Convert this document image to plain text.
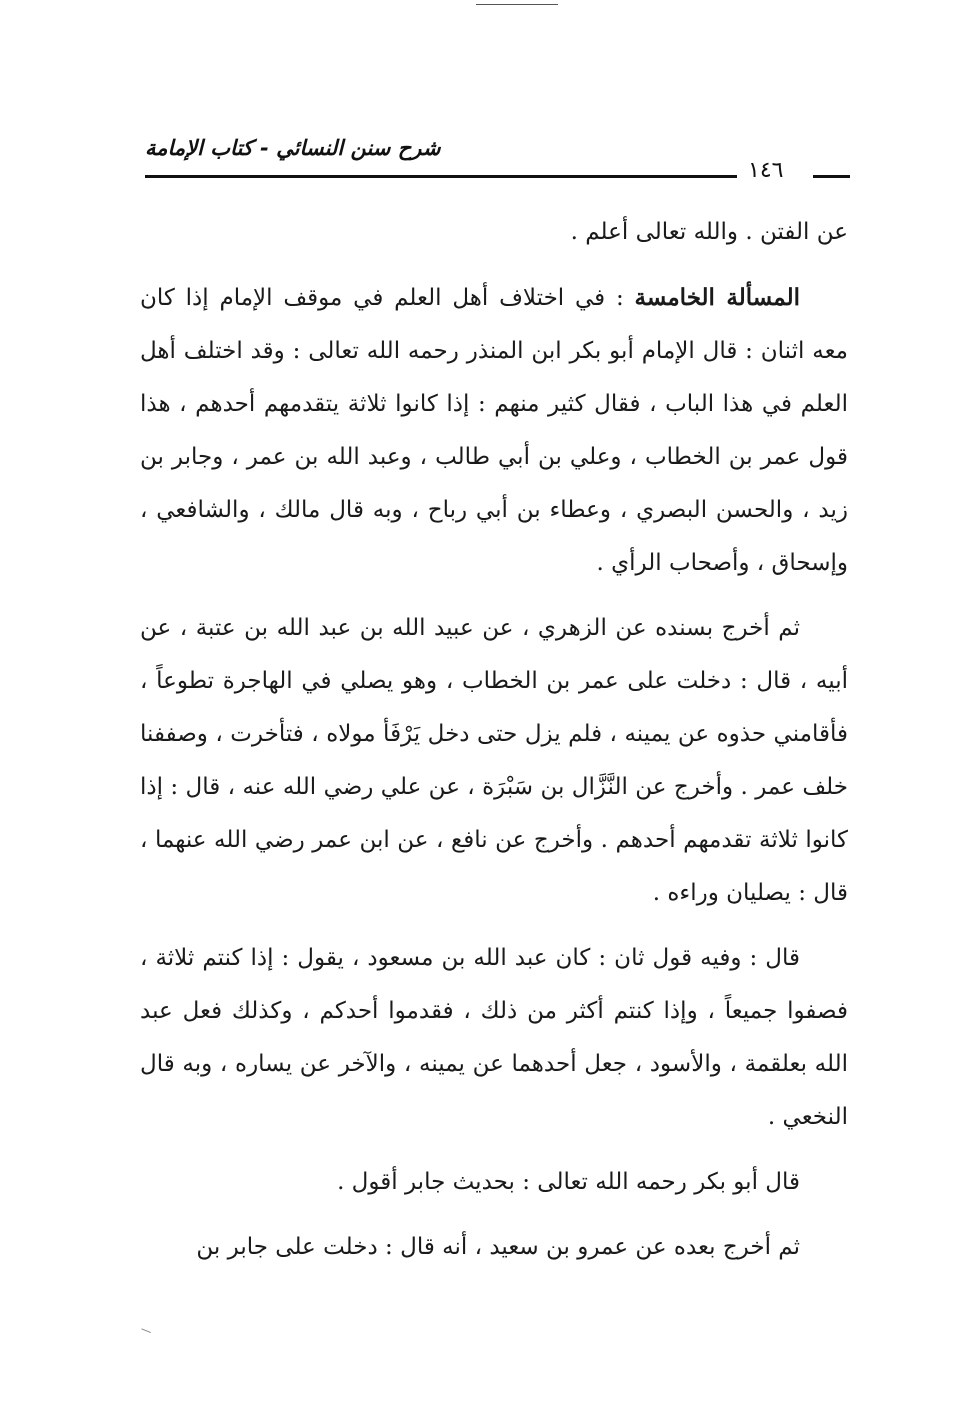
شرح سنن النسائي - كتاب الإمامة
١٤٦

عن الفتن . والله تعالى أعلم .

المسألة الخامسة : في اختلاف أهل العلم في موقف الإمام إذا كان معه اثنان : قال الإمام أبو بكر ابن المنذر رحمه الله تعالى : وقد اختلف أهل العلم في هذا الباب ، فقال كثير منهم : إذا كانوا ثلاثة يتقدمهم أحدهم ، هذا قول عمر بن الخطاب ، وعلي بن أبي طالب ، وعبد الله بن عمر ، وجابر بن زيد ، والحسن البصري ، وعطاء بن أبي رباح ، وبه قال مالك ، والشافعي ، وإسحاق ، وأصحاب الرأي .

ثم أخرج بسنده عن الزهري ، عن عبيد الله بن عبد الله بن عتبة ، عن أبيه ، قال : دخلت على عمر بن الخطاب ، وهو يصلي في الهاجرة تطوعاً ، فأقامني حذوه عن يمينه ، فلم يزل حتى دخل يَرْفَأ مولاه ، فتأخرت ، وصففنا خلف عمر . وأخرج عن النَّزَّال بن سَبْرَة ، عن علي رضي الله عنه ، قال : إذا كانوا ثلاثة تقدمهم أحدهم . وأخرج عن نافع ، عن ابن عمر رضي الله عنهما ، قال : يصليان وراءه .

قال : وفيه قول ثان : كان عبد الله بن مسعود ، يقول : إذا كنتم ثلاثة ، فصفوا جميعاً ، وإذا كنتم أكثر من ذلك ، فقدموا أحدكم ، وكذلك فعل عبد الله بعلقمة ، والأسود ، جعل أحدهما عن يمينه ، والآخر عن يساره ، وبه قال النخعي .

قال أبو بكر رحمه الله تعالى : بحديث جابر أقول .

ثم أخرج بعده عن عمرو بن سعيد ، أنه قال : دخلت على جابر بن
